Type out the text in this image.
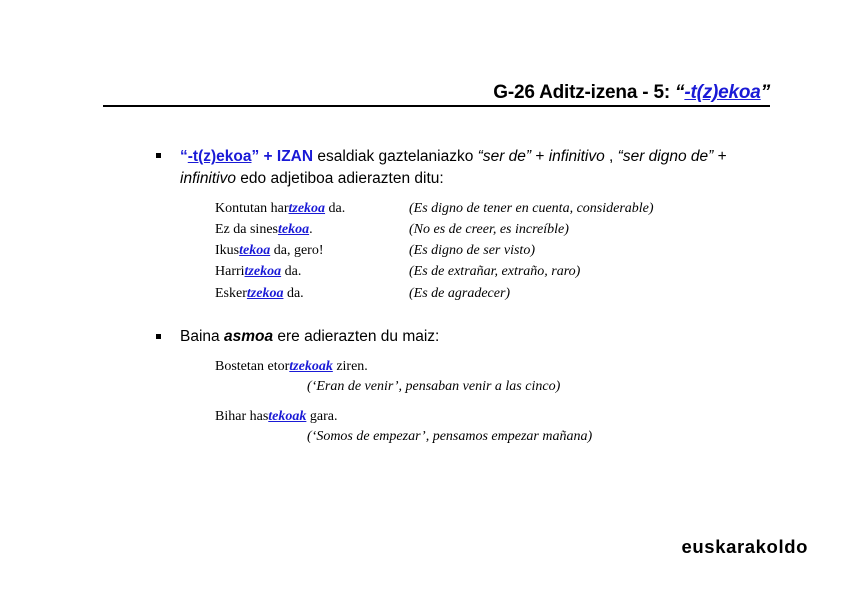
G-26 Aditz-izena - 5: “-t(z)ekoa”
“-t(z)ekoa” + IZAN esaldiak gaztelaniazko “ser de” + infinitivo , “ser digno de” + infinitivo edo adjetiboa adierazten ditu:
Kontutan hartzekoa da.	(Es digno de tener en cuenta, considerable)
Ez da sinestekoa.	(No es de creer, es increíble)
Ikustekoa da, gero!	(Es digno de ser visto)
Harritzekoa da.	(Es de extrañar, extraño, raro)
Eskertzekoa da.	(Es de agradecer)
Baina asmoa ere adierazten du maiz:
Bostetan etortzekoak ziren.
(‘Eran de venir’, pensaban venir a las cinco)
Bihar hastekoak gara.
(‘Somos de empezar’, pensamos empezar mañana)
euskarakoldo
